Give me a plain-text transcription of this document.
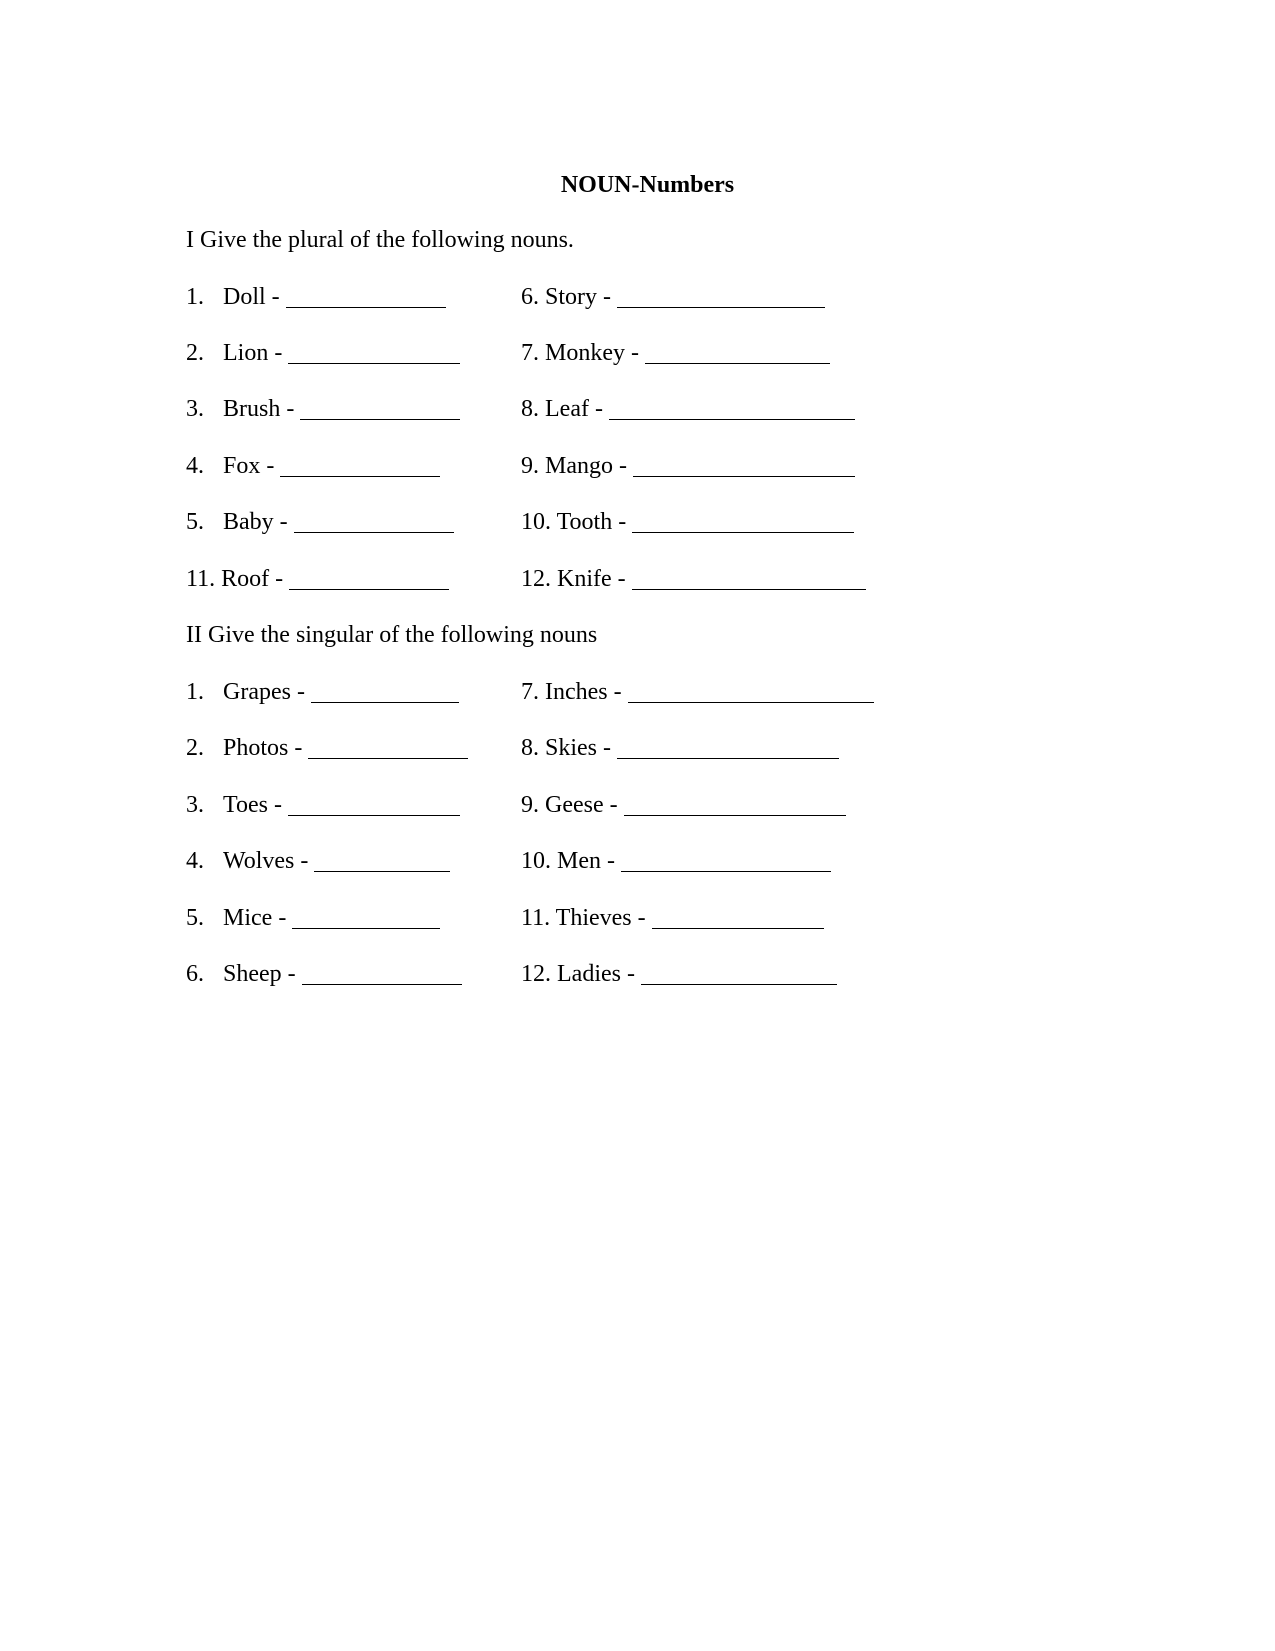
NOUN-Numbers
I Give the plural of the following nouns.
1. Doll -	6. Story -
2. Lion -	7. Monkey -
3. Brush -	8. Leaf -
4. Fox -	9. Mango -
5. Baby -	10. Tooth -
11. Roof -	12. Knife -
II Give the singular of the following nouns
1. Grapes -	7. Inches -
2. Photos -	8. Skies -
3. Toes -	9. Geese -
4. Wolves -	10. Men -
5. Mice -	11. Thieves -
6. Sheep -	12. Ladies -
